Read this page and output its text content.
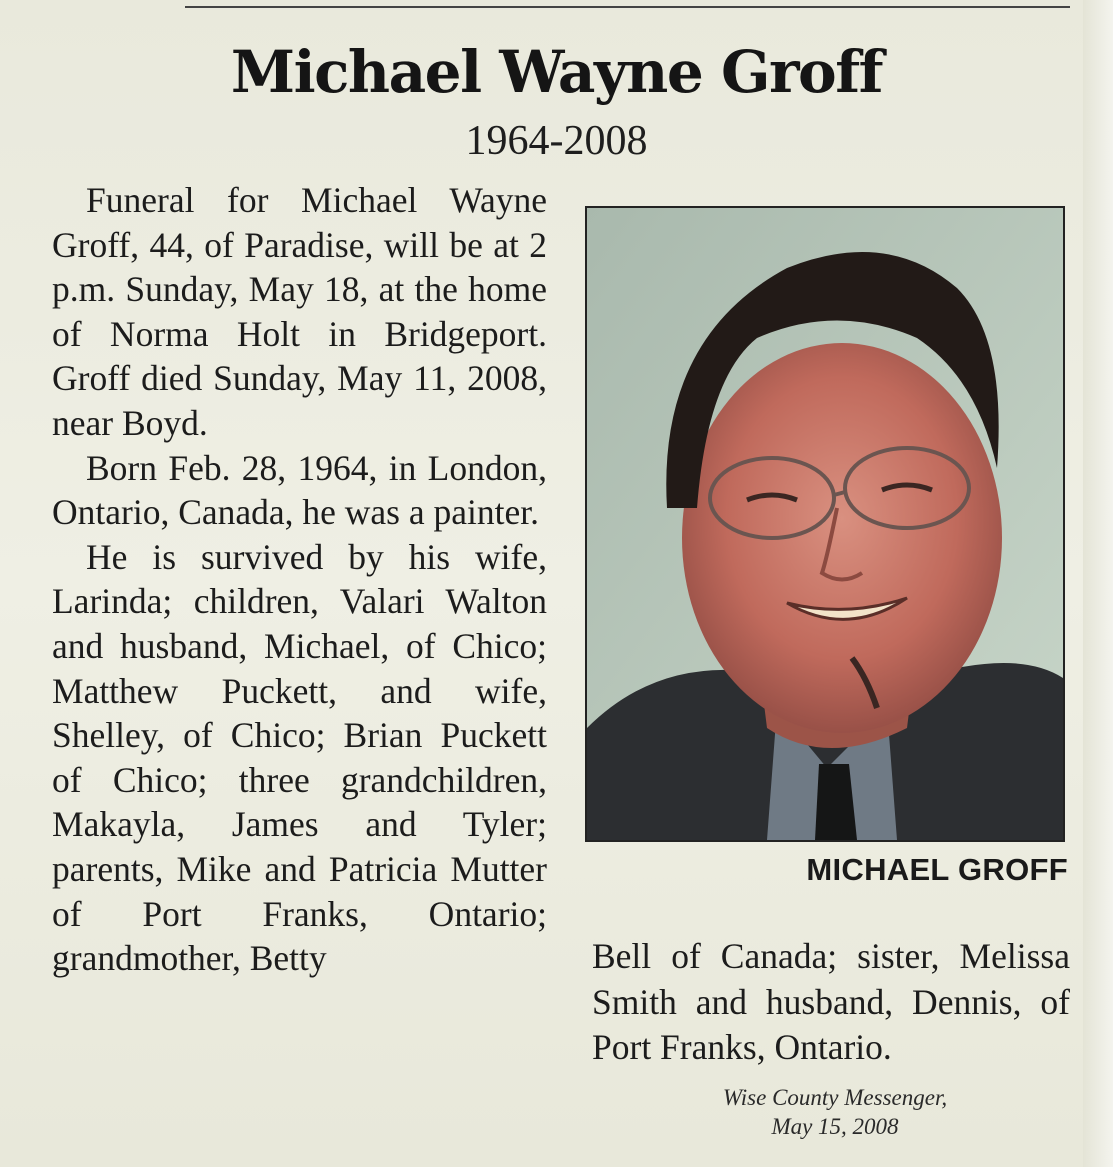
Michael Wayne Groff
1964-2008

Funeral for Michael Wayne Groff, 44, of Paradise, will be at 2 p.m. Sunday, May 18, at the home of Norma Holt in Bridgeport. Groff died Sunday, May 11, 2008, near Boyd.

Born Feb. 28, 1964, in London, Ontario, Canada, he was a painter.

He is survived by his wife, Larinda; children, Valari Walton and husband, Michael, of Chico; Matthew Puckett, and wife, Shelley, of Chico; Brian Puckett of Chico; three grandchildren, Makayla, James and Tyler; parents, Mike and Patricia Mutter of Port Franks, Ontario; grandmother, Betty

MICHAEL GROFF

Bell of Canada; sister, Melissa Smith and husband, Dennis, of Port Franks, Ontario.

Wise County Messenger,
May 15, 2008
